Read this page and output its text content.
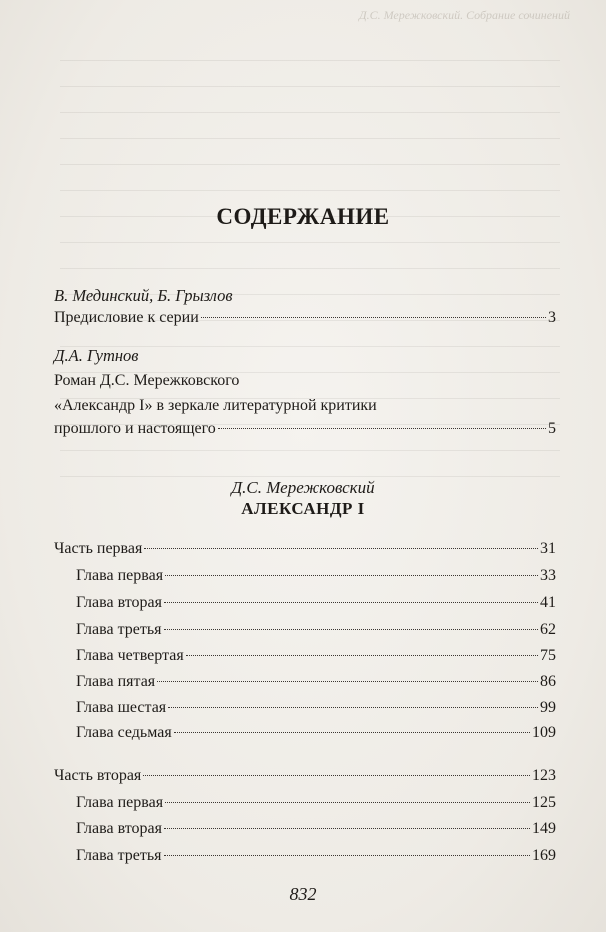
Д.С. Мережковский. Собрание сочинений
СОДЕРЖАНИЕ

В. Мединский, Б. Грызлов

Предисловие к серии	3

Д.А. Гутнов

Роман Д.С. Мережковского

«Александр I» в зеркале литературной критики

прошлого и настоящего	5

Д.С. Мережковский

АЛЕКСАНДР I

Часть первая	31
Глава первая	33
Глава вторая	41
Глава третья	62
Глава четвертая	75
Глава пятая	86
Глава шестая	99
Глава седьмая	109
Часть вторая	123
Глава первая	125
Глава вторая	149
Глава третья	169
832
